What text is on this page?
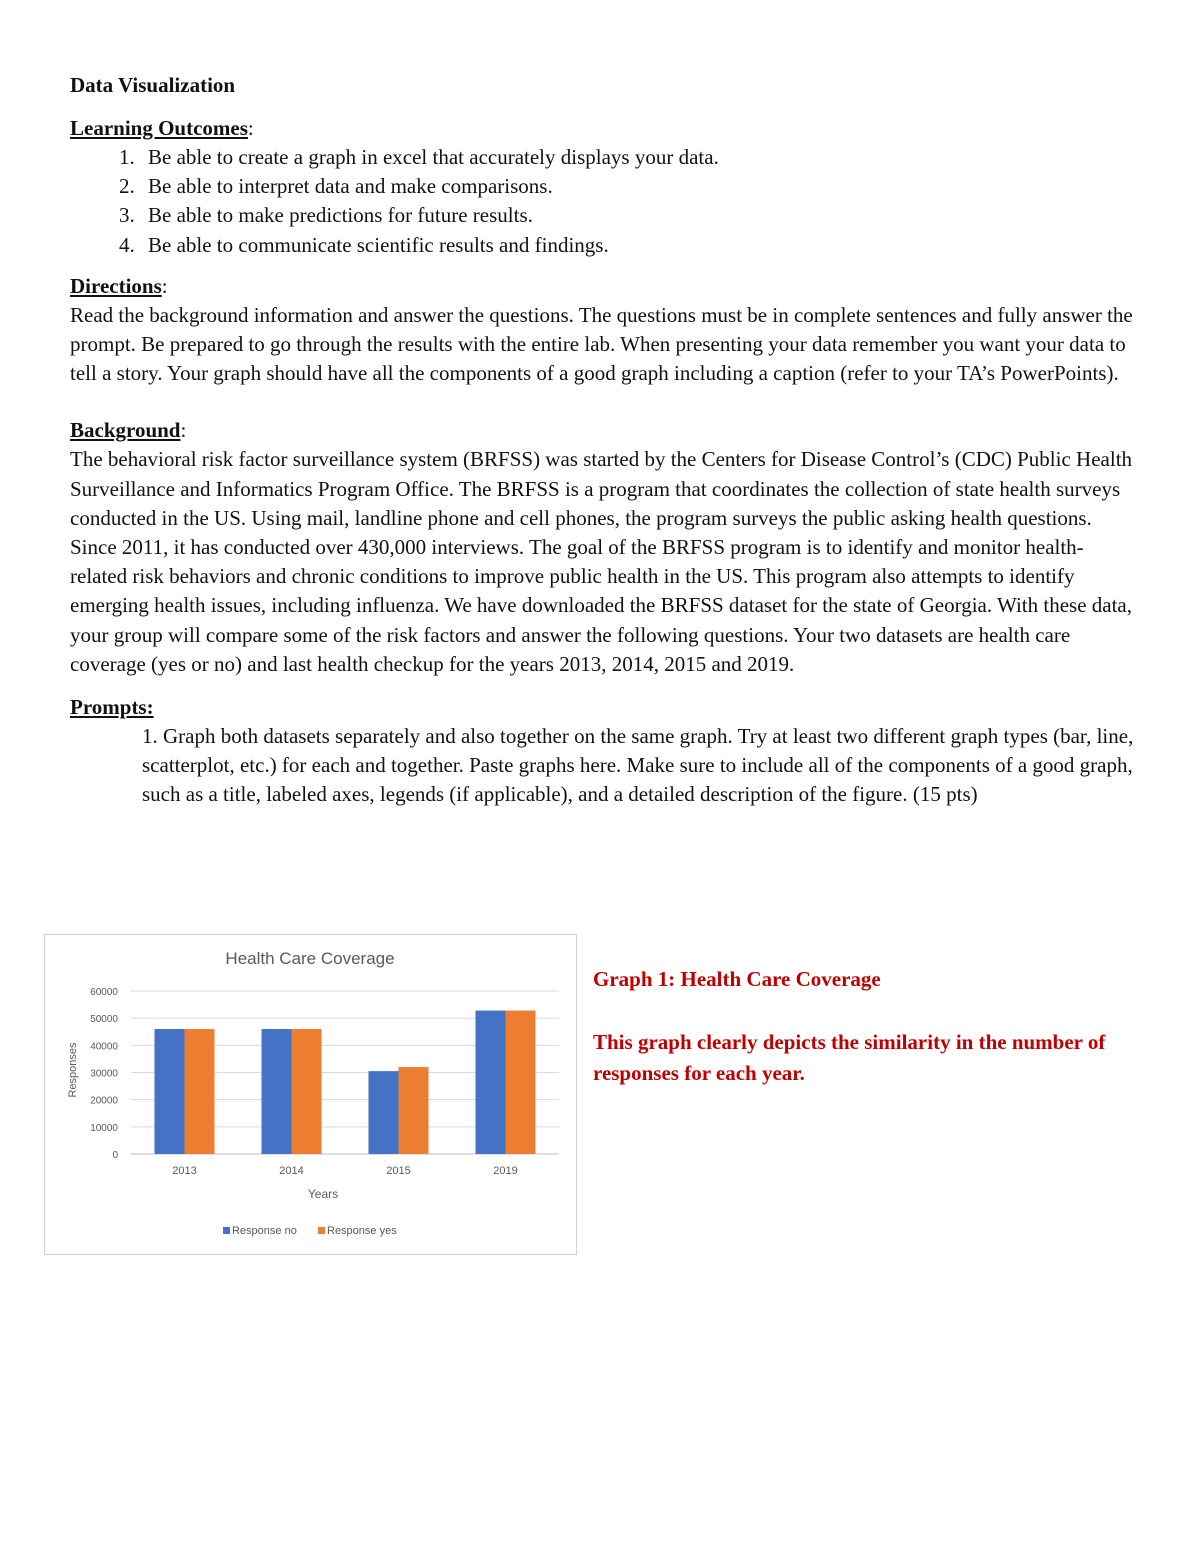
Data Visualization

Learning Outcomes:

1. Be able to create a graph in excel that accurately displays your data.
2. Be able to interpret data and make comparisons.
3. Be able to make predictions for future results.
4. Be able to communicate scientific results and findings.

Directions:

Read the background information and answer the questions. The questions must be in complete sentences and fully answer the prompt. Be prepared to go through the results with the entire lab. When presenting your data remember you want your data to tell a story. Your graph should have all the components of a good graph including a caption (refer to your TA’s PowerPoints).

Background:

The behavioral risk factor surveillance system (BRFSS) was started by the Centers for Disease Control’s (CDC) Public Health Surveillance and Informatics Program Office. The BRFSS is a program that coordinates the collection of state health surveys conducted in the US. Using mail, landline phone and cell phones, the program surveys the public asking health questions. Since 2011, it has conducted over 430,000 interviews. The goal of the BRFSS program is to identify and monitor health-related risk behaviors and chronic conditions to improve public health in the US. This program also attempts to identify emerging health issues, including influenza. We have downloaded the BRFSS dataset for the state of Georgia. With these data, your group will compare some of the risk factors and answer the following questions. Your two datasets are health care coverage (yes or no) and last health checkup for the years 2013, 2014, 2015 and 2019.

Prompts:

1. Graph both datasets separately and also together on the same graph. Try at least two different graph types (bar, line, scatterplot, etc.) for each and together. Paste graphs here. Make sure to include all of the components of a good graph, such as a title, labeled axes, legends (if applicable), and a detailed description of the figure. (15 pts)

Health Care Coverage
0
10000
20000
30000
40000
50000
60000
2013	2014	2015	2019
Responses
Years
Response no	Response yes

Graph 1: Health Care Coverage

This graph clearly depicts the similarity in the number of responses for each year.
